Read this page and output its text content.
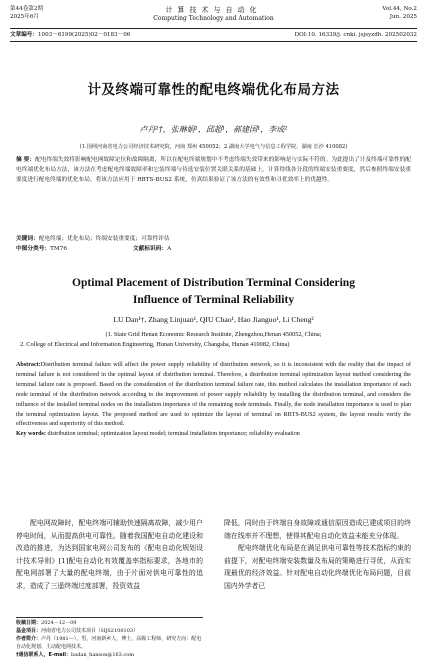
第44卷第2期
2025年6月
计算技术与自动化
Computing Technology and Automation
Vol.44, No.2
Jun. 2025
文章编号：1003－6199(2025)02－0183－06	DOI:10. 16339/j. cnki. jsjsyzdh. 202502032
计及终端可靠性的配电终端优化布局方法
卢丹¹†，张琳娟¹，邱超¹，郝建国¹，李成²
(1.国网河南省电力公司经济技术研究院，河南 郑州 450052；2.湖南大学电气与信息工程学院，湖南 长沙 410082)

摘 要：配电终端失效将影响配电网故障定位和故障隔离，所以在配电终端规划中不考虑终端失效带来的影响是与实际不符的。为此提出了计及终端可靠性的配电终端优化布局方法，该方法在考虑配电终端故障率和它装终端与待选安装位置关联关系的基础上，计算得线各分段的终端安装重要度，然后参照终端安装重要度进行配电终端的优化布局。将该方法应用于 RBTS-BUS2 系统，仿真结果验证了该方法的有效性和寻优效率上的优越性。

关键词：配电终端；优化布局；终端安装重要度；可靠性评估
中图分类号：TM76	文献标识码：A
Optimal Placement of Distribution Terminal Considering
Influence of Terminal Reliability
LU Dan¹†, Zhang Linjuan¹, QIU Chao¹, Hao Jianguo¹, Li Cheng²
(1. State Grid Henan Economic Research Institute, Zhengzhou,Henan 450052, China;
2. College of Electrical and Information Engineering, Hunan University, Changsha, Hunan 410082, China)

Abstract:Distribution terminal failure will affect the power supply reliability of distribution network, so it is inconsistent with the reality that the impact of terminal failure is not considered in the optimal layout of distribution terminal. Therefore, a distribution terminal optimization layout method considering the terminal failure rate is proposed. Based on the consideration of the distribution terminal failure rate, this method calculates the installation importance of each node terminal of the distribution network according to the improvement of power supply reliability by installing the distribution terminal, and considers the influence of the installed terminal nodes on the installation importance of the remaining node terminals. Finally, the node installation importance is used to plan the terminal optimization layout. The proposed method are used to optimize the layout of terminal on RBTS-BUS2 system, the layout results verify the effectiveness and superiority of this method.

Key words: distribution terminal; optimization layout model; terminal installation importance; reliability evaluation

配电网故障时，配电终端可辅助快速隔离故障，减少用户停电时间，从而提高供电可靠性。随着我国配电自动化建设和改造的推进，为达到国家电网公司发布的《配电自动化规划设计技术导则》[1]配电自动化有效覆盖率指标要求，各地市的配电网部署了大量的配电终端，由于片面对供电可靠性的追求，造成了三遥终端过度部署，投资效益

降低，同时由于终端自身故障或通信原因造成已建成项目的终端在线率并不理想，使得其配电自动化效益未能充分体现。

配电终端优化布局是在满足供电可靠性等技术指标约束的前提下，对配电终端安装数量及布局的策略进行寻优，从而实现最优的经济效益。针对配电自动化终端优化布局问题，目前国内外学者已

收稿日期：2024－12－09
基金项目：河南省电力公司技术项目（HJS2100103）
作者简介：卢丹（1981—），男，河南新乡人，博士，高级工程师，研究方向：配电自动化规划、主动配电网技术。
†通信联系人，E-mail：badan_hanson@163.com
